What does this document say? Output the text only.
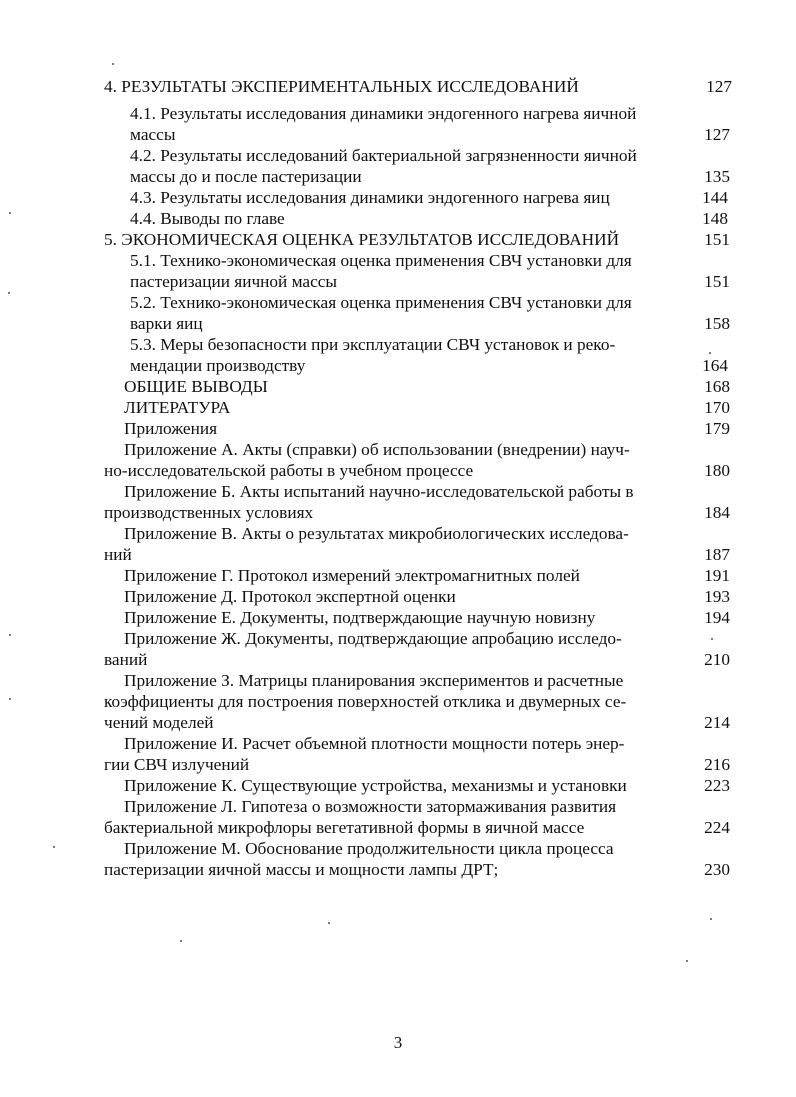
4. РЕЗУЛЬТАТЫ ЭКСПЕРИМЕНТАЛЬНЫХ ИССЛЕДОВАНИЙ	127
4.1. Результаты исследования динамики эндогенного нагрева яичной
массы	127
4.2. Результаты исследований бактериальной загрязненности яичной
массы до и после пастеризации	135
4.3. Результаты исследования динамики эндогенного нагрева яиц	144
4.4. Выводы по главе	148
5. ЭКОНОМИЧЕСКАЯ ОЦЕНКА РЕЗУЛЬТАТОВ ИССЛЕДОВАНИЙ	151
5.1. Технико-экономическая оценка применения СВЧ установки для
пастеризации яичной массы	151
5.2. Технико-экономическая оценка применения СВЧ установки для
варки яиц	158
5.3. Меры безопасности при эксплуатации СВЧ установок и реко-
мендации производству	164
ОБЩИЕ ВЫВОДЫ	168
ЛИТЕРАТУРА	170
Приложения	179
Приложение А. Акты (справки) об использовании (внедрении) науч-
но-исследовательской работы в учебном процессе	180
Приложение Б. Акты испытаний научно-исследовательской работы в
производственных условиях	184
Приложение В. Акты о результатах микробиологических исследова-
ний	187
Приложение Г. Протокол измерений электромагнитных полей	191
Приложение Д. Протокол экспертной оценки	193
Приложение Е. Документы, подтверждающие научную новизну	194
Приложение Ж. Документы, подтверждающие апробацию исследо-
ваний	210
Приложение З. Матрицы планирования экспериментов и расчетные
коэффициенты для построения поверхностей отклика и двумерных се-
чений моделей	214
Приложение И. Расчет объемной плотности мощности потерь энер-
гии СВЧ излучений	216
Приложение К. Существующие устройства, механизмы и установки	223
Приложение Л. Гипотеза о возможности затормаживания развития
бактериальной микрофлоры вегетативной формы в яичной массе	224
Приложение М. Обоснование продолжительности цикла процесса
пастеризации яичной массы и мощности лампы ДРТ;	230
3
